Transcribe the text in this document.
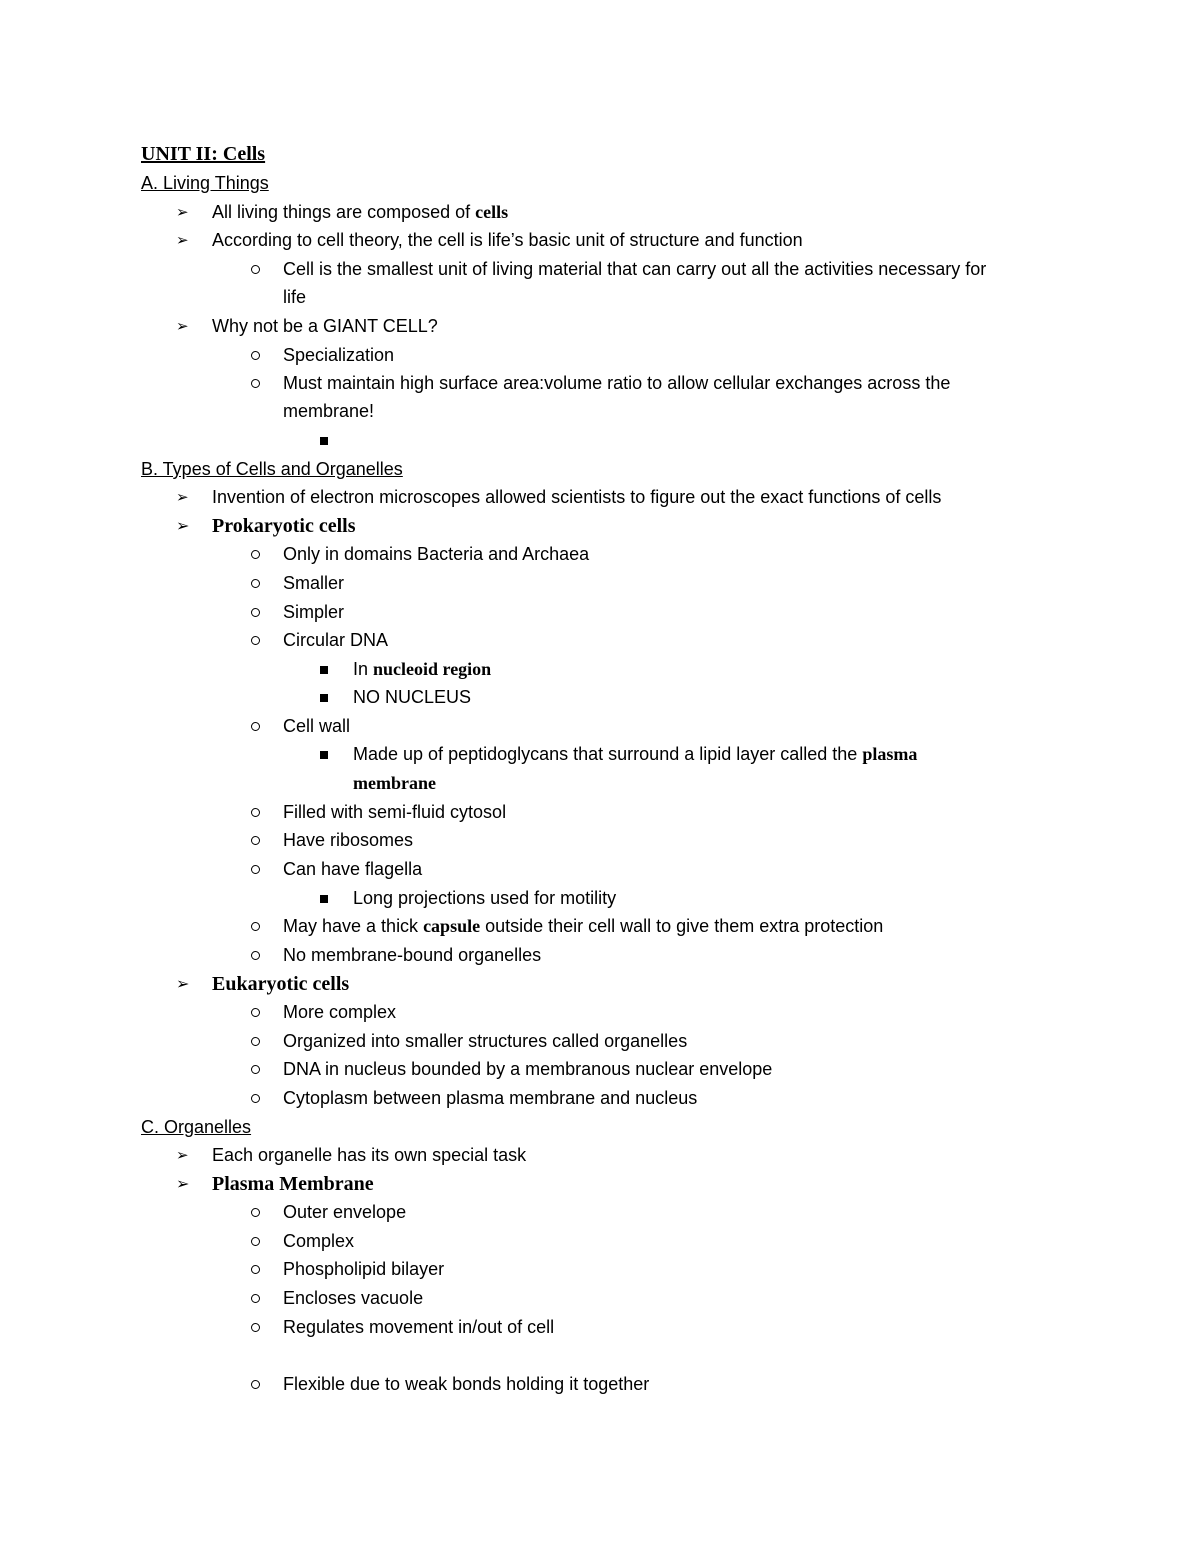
UNIT II: Cells
A. Living Things
➢ All living things are composed of cells
➢ According to cell theory, the cell is life’s basic unit of structure and function
Cell is the smallest unit of living material that can carry out all the activities necessary for
life
➢ Why not be a GIANT CELL?
Specialization
Must maintain high surface area:volume ratio to allow cellular exchanges across the
membrane!
B. Types of Cells and Organelles
➢ Invention of electron microscopes allowed scientists to figure out the exact functions of cells
➢ Prokaryotic cells
Only in domains Bacteria and Archaea
Smaller
Simpler
Circular DNA
In nucleoid region
NO NUCLEUS
Cell wall
Made up of peptidoglycans that surround a lipid layer called the plasma
membrane
Filled with semi-fluid cytosol
Have ribosomes
Can have flagella
Long projections used for motility
May have a thick capsule outside their cell wall to give them extra protection
No membrane-bound organelles
➢ Eukaryotic cells
More complex
Organized into smaller structures called organelles
DNA in nucleus bounded by a membranous nuclear envelope
Cytoplasm between plasma membrane and nucleus
C. Organelles
➢ Each organelle has its own special task
➢ Plasma Membrane
Outer envelope
Complex
Phospholipid bilayer
Encloses vacuole
Regulates movement in/out of cell
Flexible due to weak bonds holding it together
